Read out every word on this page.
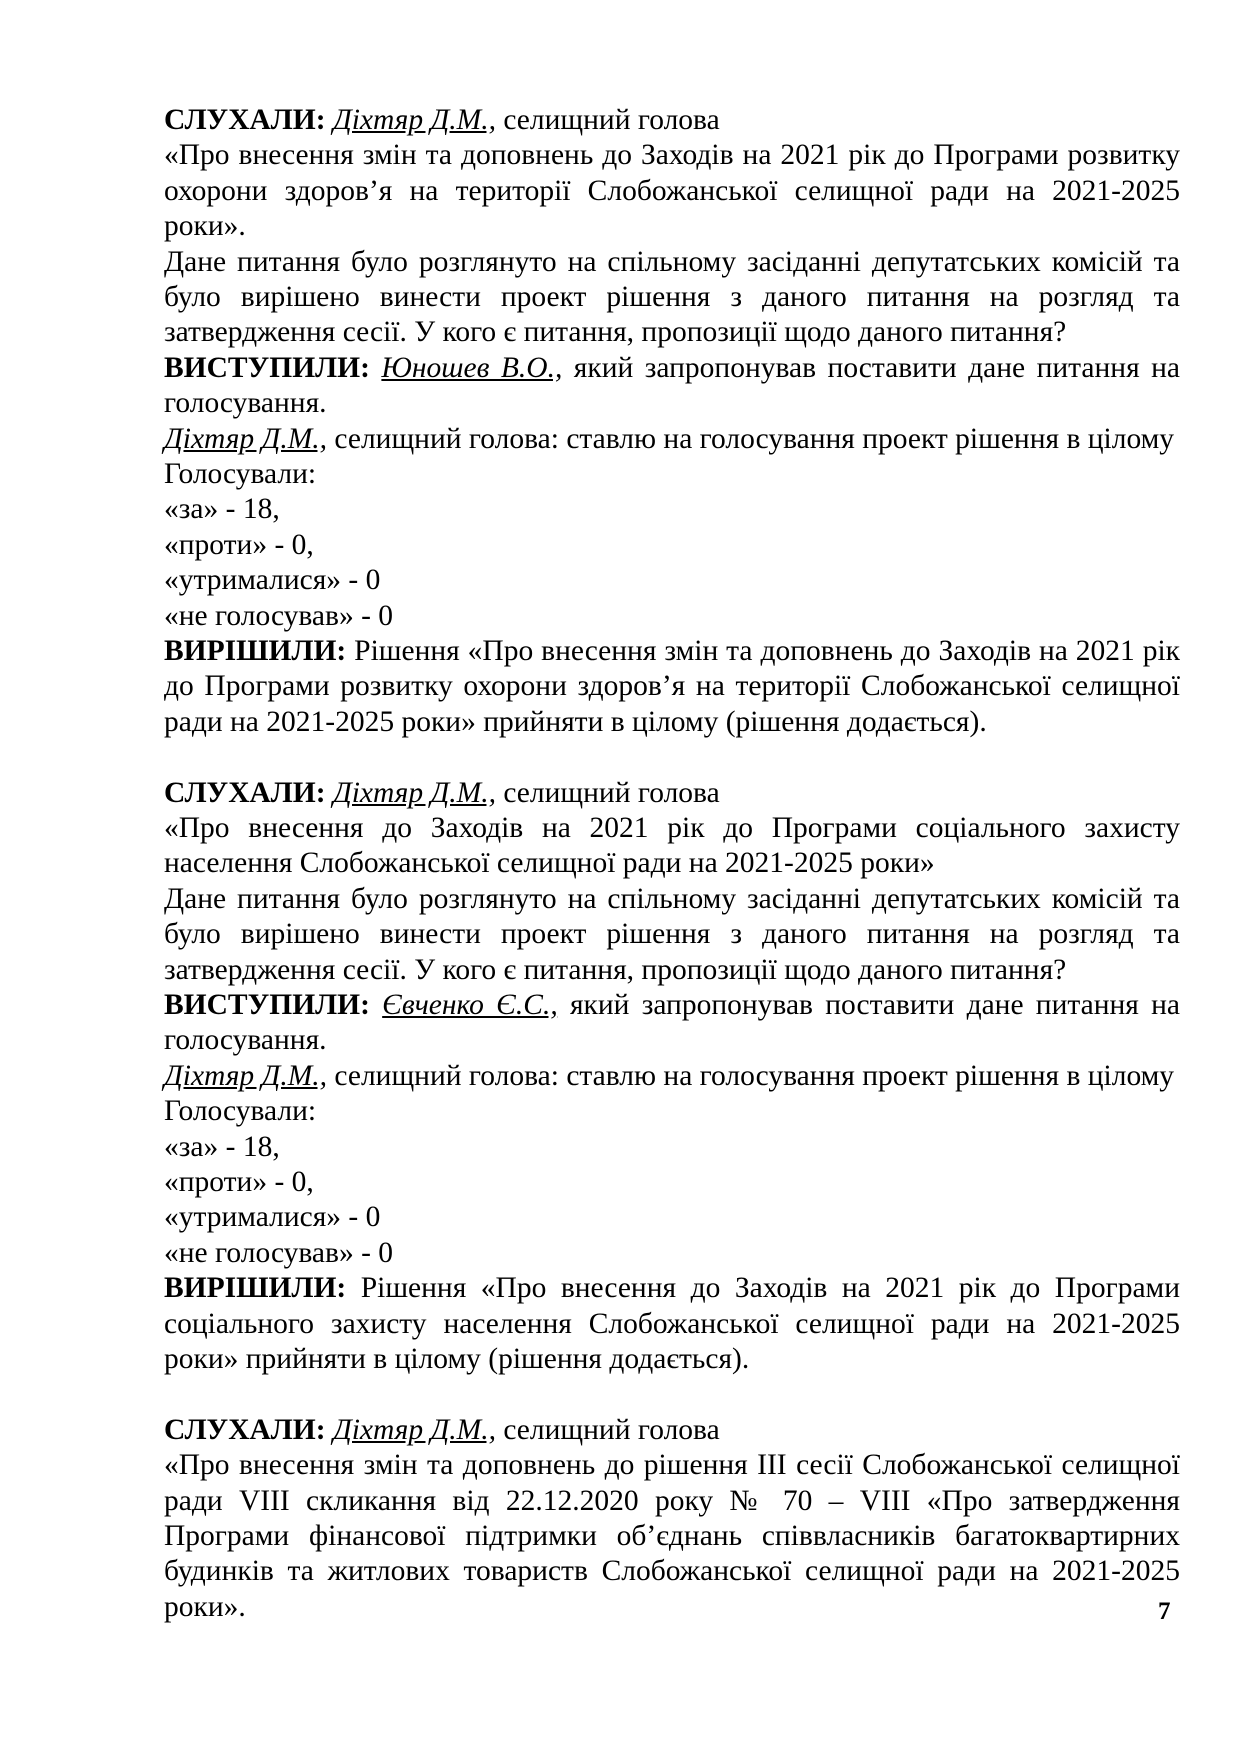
СЛУХАЛИ: Діхтяр Д.М., селищний голова
«Про внесення змін та доповнень до Заходів на 2021 рік до Програми розвитку
охорони здоров’я на території Слобожанської селищної ради на 2021-2025
роки».
Дане питання було розглянуто на спільному засіданні депутатських комісій та
було вирішено винести проект рішення з даного питання на розгляд та
затвердження сесії. У кого є питання, пропозиції щодо даного питання?
ВИСТУПИЛИ: Юношев В.О., який запропонував поставити дане питання на
голосування.
Діхтяр Д.М., селищний голова: ставлю на голосування проект рішення в цілому
Голосували:
«за» - 18,
«проти» - 0,
«утрималися» - 0
«не голосував» - 0
ВИРІШИЛИ: Рішення «Про внесення змін та доповнень до Заходів на 2021 рік
до Програми розвитку охорони здоров’я на території Слобожанської селищної
ради на 2021-2025 роки» прийняти в цілому (рішення додається).
СЛУХАЛИ: Діхтяр Д.М., селищний голова
«Про внесення до Заходів на 2021 рік до Програми соціального захисту
населення Слобожанської селищної ради на 2021-2025 роки»
Дане питання було розглянуто на спільному засіданні депутатських комісій та
було вирішено винести проект рішення з даного питання на розгляд та
затвердження сесії. У кого є питання, пропозиції щодо даного питання?
ВИСТУПИЛИ: Євченко Є.С., який запропонував поставити дане питання на
голосування.
Діхтяр Д.М., селищний голова: ставлю на голосування проект рішення в цілому
Голосували:
«за» - 18,
«проти» - 0,
«утрималися» - 0
«не голосував» - 0
ВИРІШИЛИ: Рішення «Про внесення до Заходів на 2021 рік до Програми
соціального захисту населення Слобожанської селищної ради на 2021-2025
роки» прийняти в цілому (рішення додається).
СЛУХАЛИ: Діхтяр Д.М., селищний голова
«Про внесення змін та доповнень до рішення ІІІ сесії Слобожанської селищної
ради VIII скликання від 22.12.2020 року № 70 – VIII «Про затвердження
Програми фінансової підтримки об’єднань співвласників багатоквартирних
будинків та житлових товариств Слобожанської селищної ради на 2021-2025
роки».	7
